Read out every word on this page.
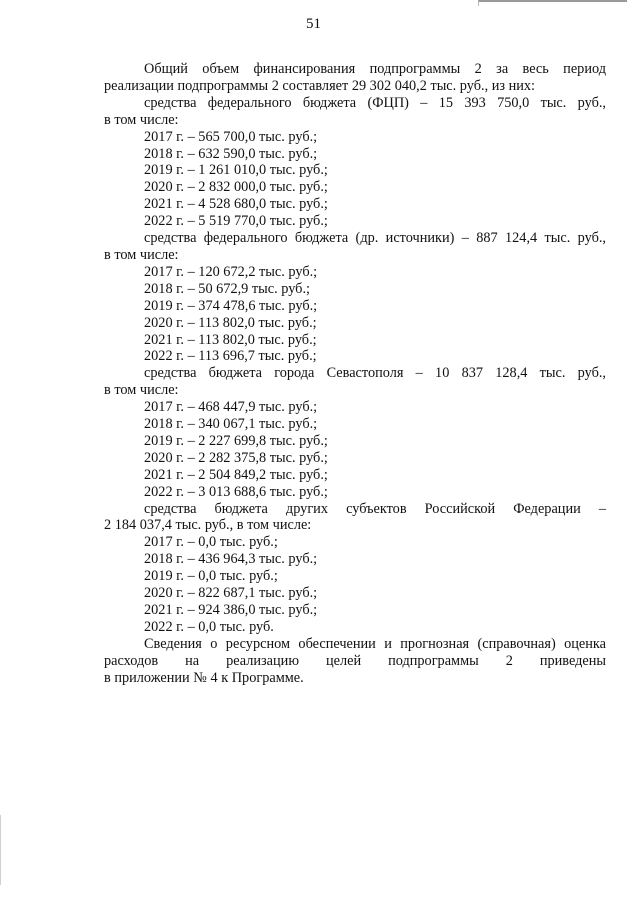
51

Общий объем финансирования подпрограммы 2 за весь период

реализации подпрограммы 2 составляет 29 302 040,2 тыс. руб., из них:

средства федерального бюджета (ФЦП) – 15 393 750,0 тыс. руб.,

в том числе:

2017 г. – 565 700,0 тыс. руб.;

2018 г. – 632 590,0 тыс. руб.;

2019 г. – 1 261 010,0 тыс. руб.;

2020 г. – 2 832 000,0 тыс. руб.;

2021 г. – 4 528 680,0 тыс. руб.;

2022 г. – 5 519 770,0 тыс. руб.;

средства федерального бюджета (др. источники) – 887 124,4 тыс. руб.,

в том числе:

2017 г. – 120 672,2 тыс. руб.;

2018 г. – 50 672,9 тыс. руб.;

2019 г. – 374 478,6 тыс. руб.;

2020 г. – 113 802,0 тыс. руб.;

2021 г. – 113 802,0 тыс. руб.;

2022 г. – 113 696,7 тыс. руб.;

средства бюджета города Севастополя – 10 837 128,4 тыс. руб.,

в том числе:

2017 г. – 468 447,9 тыс. руб.;

2018 г. – 340 067,1 тыс. руб.;

2019 г. – 2 227 699,8 тыс. руб.;

2020 г. – 2 282 375,8 тыс. руб.;

2021 г. – 2 504 849,2 тыс. руб.;

2022 г. – 3 013 688,6 тыс. руб.;

средства бюджета других субъектов Российской Федерации –

2 184 037,4 тыс. руб., в том числе:

2017 г. – 0,0 тыс. руб.;

2018 г. – 436 964,3 тыс. руб.;

2019 г. – 0,0 тыс. руб.;

2020 г. – 822 687,1 тыс. руб.;

2021 г. – 924 386,0 тыс. руб.;

2022 г. – 0,0 тыс. руб.

Сведения о ресурсном обеспечении и прогнозная (справочная) оценка

расходов на реализацию целей подпрограммы 2 приведены

в приложении № 4 к Программе.
